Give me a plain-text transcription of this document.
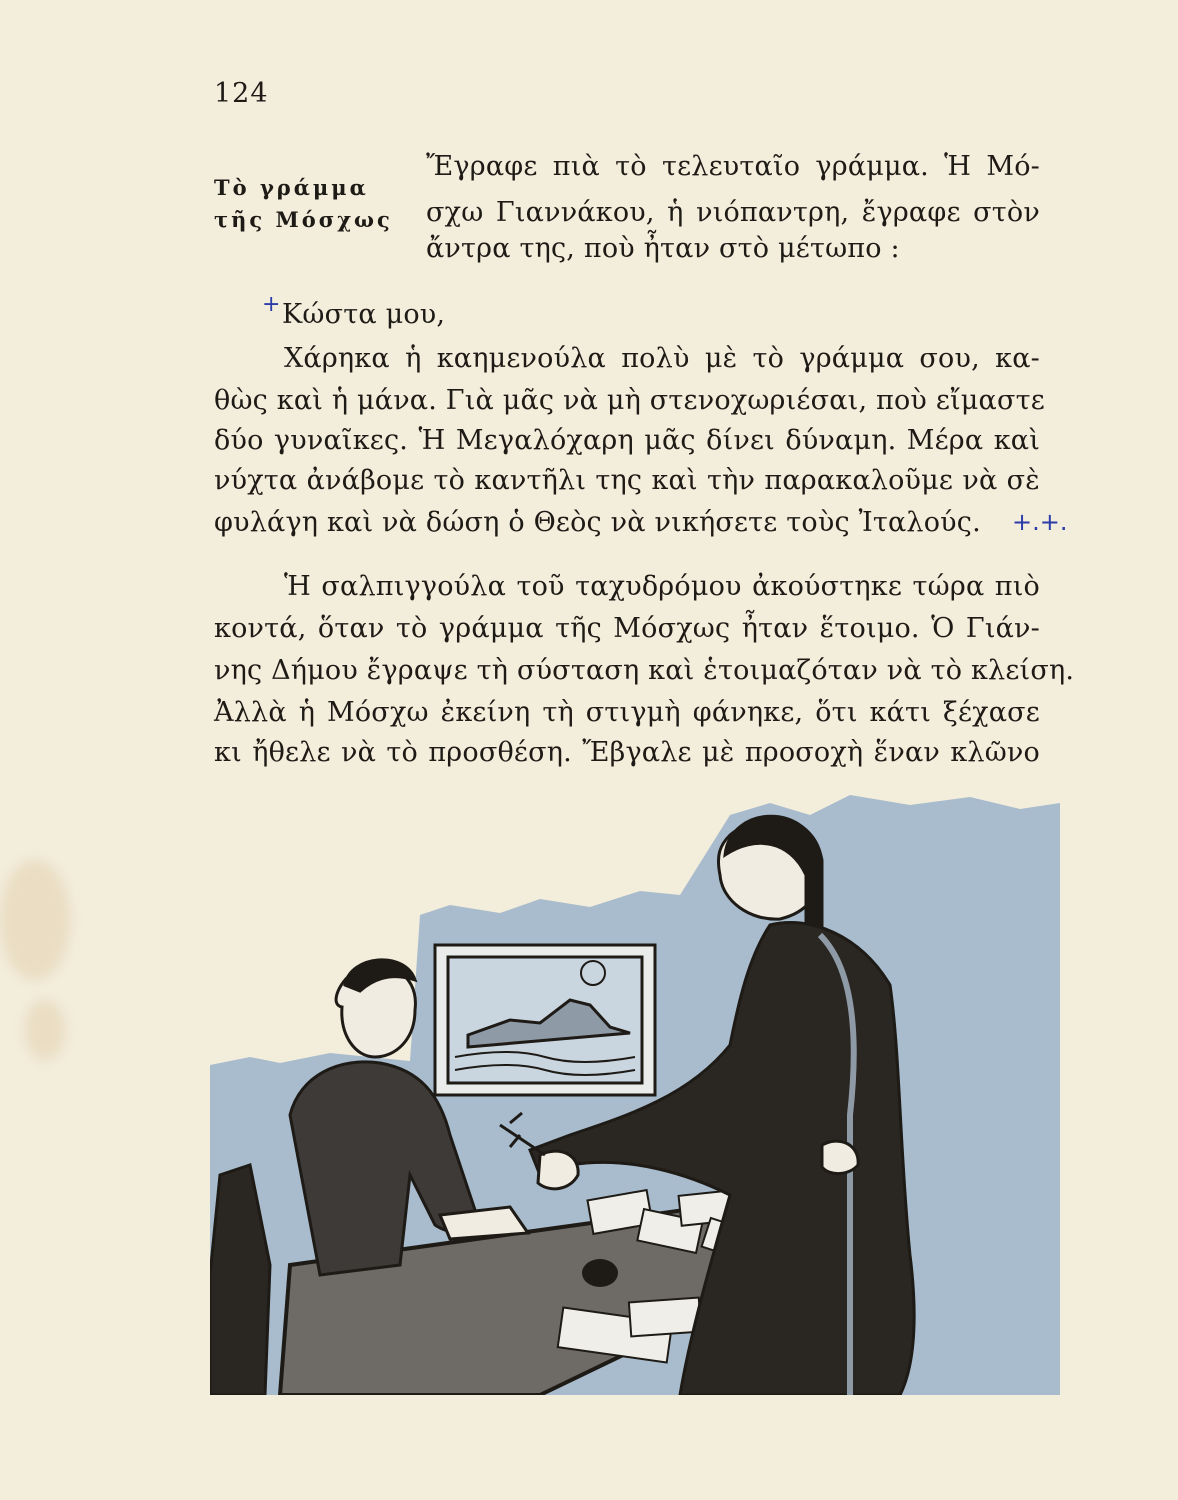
124
Τὸ γράμμα
τῆς Μόσχως
Ἔγραφε πιὰ τὸ τελευταῖο γράμμα. Ἡ Μό-
σχω Γιαννάκου, ἡ νιόπαντρη, ἔγραφε στὸν
ἄντρα της, ποὺ ἦταν στὸ μέτωπο :
+ Κώστα μου,
Χάρηκα ἡ καημενούλα πολὺ μὲ τὸ γράμμα σου, κα-
θὼς καὶ ἡ μάνα. Γιὰ μᾶς νὰ μὴ στενοχωριέσαι, ποὺ εἴμαστε
δύο γυναῖκες. Ἡ Μεγαλόχαρη μᾶς δίνει δύναμη. Μέρα καὶ
νύχτα ἀνάβομε τὸ καντῆλι της καὶ τὴν παρακαλοῦμε νὰ σὲ
φυλάγη καὶ νὰ δώση ὁ Θεὸς νὰ νικήσετε τοὺς Ἰταλούς. +.+.
Ἡ σαλπιγγούλα τοῦ ταχυδρόμου ἀκούστηκε τώρα πιὸ
κοντά, ὅταν τὸ γράμμα τῆς Μόσχως ἦταν ἕτοιμο. Ὁ Γιάν-
νης Δήμου ἔγραψε τὴ σύσταση καὶ ἑτοιμαζόταν νὰ τὸ κλείση.
Ἀλλὰ ἡ Μόσχω ἐκείνη τὴ στιγμὴ φάνηκε, ὅτι κάτι ξέχασε
κι ἤθελε νὰ τὸ προσθέση. Ἔβγαλε μὲ προσοχὴ ἕναν κλῶνο
